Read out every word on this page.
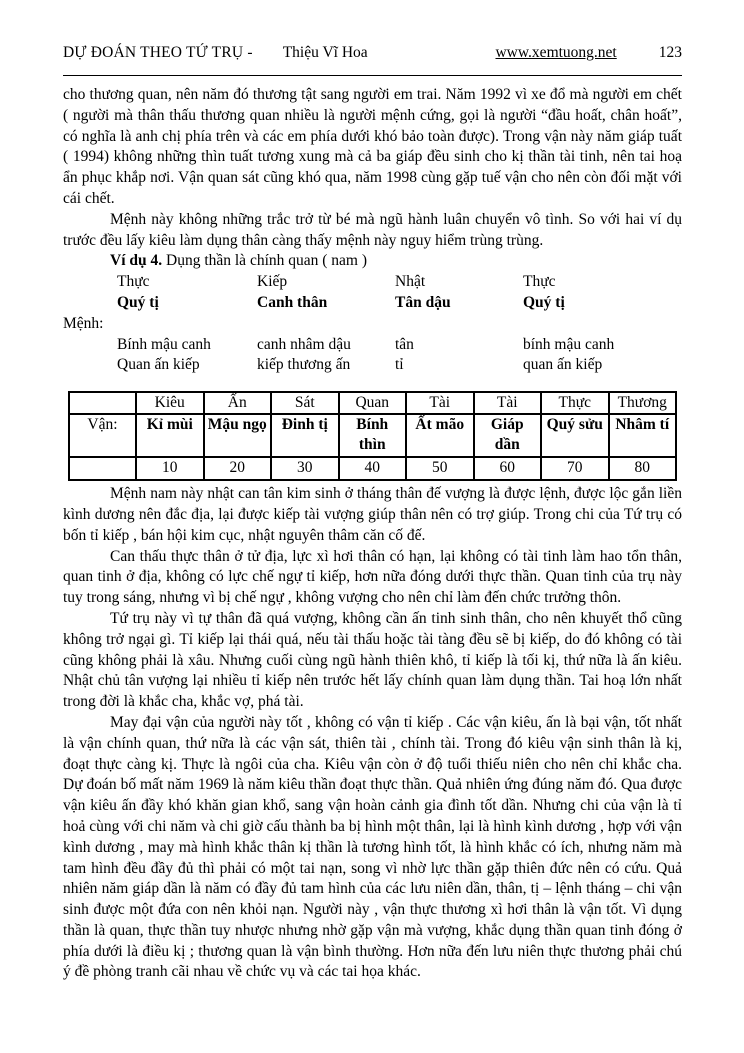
DỰ ĐOÁN THEO TỨ TRỤ - Thiệu Vĩ Hoa	www.xemtuong.net	123

cho thương quan, nên năm đó thương tật sang người em trai. Năm 1992 vì xe đổ mà người em chết ( người mà thân thấu thương quan nhiều là người mệnh cứng, gọi là người “đầu hoất, chân hoất”, có nghĩa là anh chị phía trên và các em phía dưới khó bảo toàn được). Trong vận này năm giáp tuất ( 1994) không những thìn tuất tương xung mà cả ba giáp đều sinh cho kị thần tài tinh, nên tai hoạ ẩn phục khắp nơi. Vận quan sát cũng khó qua, năm 1998 cùng gặp tuế vận cho nên còn đối mặt với cái chết.

Mệnh này không những trắc trở từ bé mà ngũ hành luân chuyển vô tình. So với hai ví dụ trước đều lấy kiêu làm dụng thân càng thấy mệnh này nguy hiểm trùng trùng.

Ví dụ 4. Dụng thần là chính quan ( nam )

Thực	Kiếp	Nhật	Thực
Quý tị	Canh thân	Tân dậu	Quý tị
Mệnh:
Bính mậu canh	canh nhâm dậu	tân	bính mậu canh
Quan ấn kiếp	kiếp thương ấn	tỉ	quan ấn kiếp
	Kiêu	Ấn	Sát	Quan	Tài	Tài	Thực	Thương
Vận:	Kỉ mùi	Mậu ngọ	Đinh tị	Bính thìn	Ất mão	Giáp dần	Quý sửu	Nhâm tí
	10	20	30	40	50	60	70	80

Mệnh nam này nhật can tân kim sinh ở tháng thân đế vượng là được lệnh, được lộc gắn liền kình dương nên đắc địa, lại được kiếp tài vượng giúp thân nên có trợ giúp. Trong chi của Tứ trụ có bốn tỉ kiếp , bán hội kim cục, nhật nguyên thâm căn cố đế.

Can thấu thực thân ở tử địa, lực xì hơi thân có hạn, lại không có tài tinh làm hao tổn thân, quan tinh ở địa, không có lực chế ngự tỉ kiếp, hơn nữa đóng dưới thực thần. Quan tinh của trụ này tuy trong sáng, nhưng vì bị chế ngự , không vượng cho nên chỉ làm đến chức trưởng thôn.

Tứ trụ này vì tự thân đã quá vượng, không cần ấn tinh sinh thân, cho nên khuyết thổ cũng không trở ngại gì. Tỉ kiếp lại thái quá, nếu tài thấu hoặc tài tàng đều sẽ bị kiếp, do đó không có tài cũng không phải là xâu. Nhưng cuối cùng ngũ hành thiên khô, tỉ kiếp là tối kị, thứ nữa là ấn kiêu. Nhật chủ tân vượng lại nhiều tỉ kiếp nên trước hết lấy chính quan làm dụng thần. Tai hoạ lớn nhất trong đời là khắc cha, khắc vợ, phá tài.

May đại vận của người này tốt , không có vận tỉ kiếp . Các vận kiêu, ấn là bại vận, tốt nhất là vận chính quan, thứ nữa là các vận sát, thiên tài , chính tài. Trong đó kiêu vận sinh thân là kị, đoạt thực càng kị. Thực là ngôi của cha. Kiêu vận còn ở độ tuổi thiếu niên cho nên chỉ khắc cha. Dự đoán bố mất năm 1969 là năm kiêu thần đoạt thực thần. Quả nhiên ứng đúng năm đó. Qua được vận kiêu ấn đầy khó khăn gian khổ, sang vận hoàn cảnh gia đình tốt dần. Nhưng chi của vận là tỉ hoả cùng với chi năm và chi giờ cấu thành ba bị hình một thân, lại là hình kình dương , hợp với vận kình dương , may mà hình khắc thân kị thần là tương hình tốt, là hình khắc có ích, nhưng năm mà tam hình đều đầy đủ thì phải có một tai nạn, song vì nhờ lực thần gặp thiên đức nên có cứu. Quả nhiên năm giáp dần là năm có đầy đủ tam hình của các lưu niên dần, thân, tị – lệnh tháng – chi vận sinh được một đứa con nên khỏi nạn. Người này , vận thực thương xì hơi thân là vận tốt. Vì dụng thần là quan, thực thần tuy nhược nhưng nhờ gặp vận mà vượng, khắc dụng thần quan tinh đóng ở phía dưới là điều kị ; thương quan là vận bình thường. Hơn nữa đến lưu niên thực thương phải chú ý đề phòng tranh cãi nhau về chức vụ và các tai họa khác.
